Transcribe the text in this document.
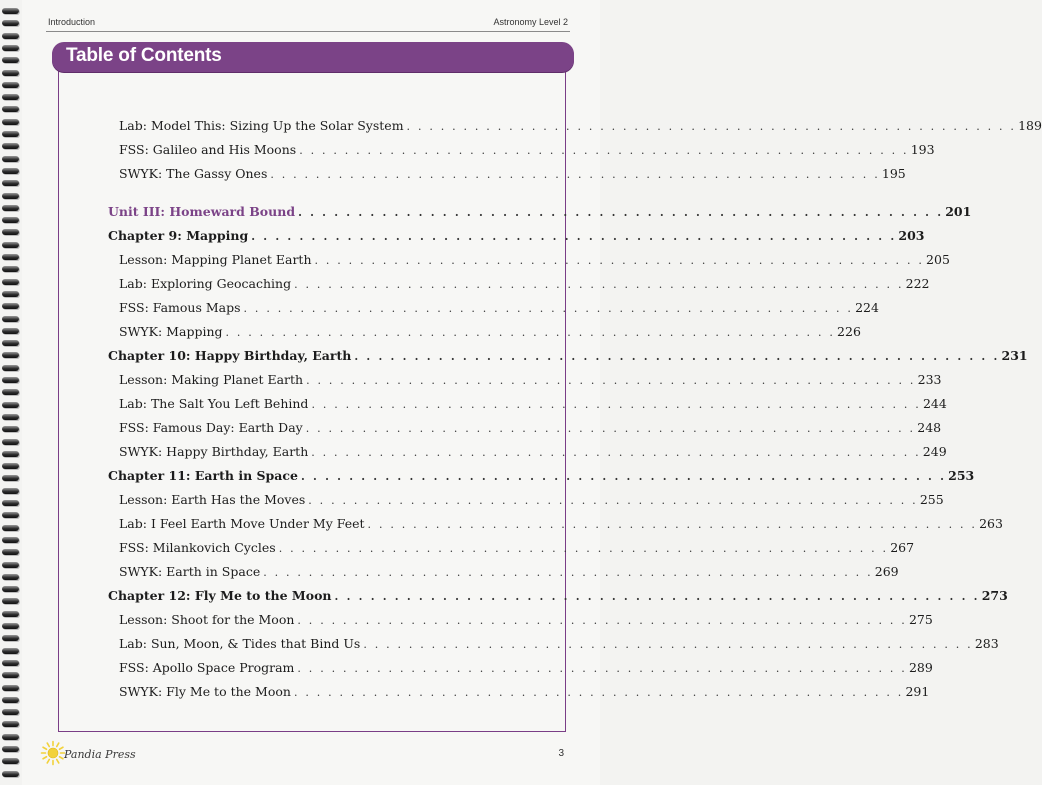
Introduction	Astronomy Level 2
Table of Contents
Lab: Model This: Sizing Up the Solar System . . . . . . . . . . . . . . . . . . . . . . . . . . . . . . . . . . . . . . . . . . . . . . . . . . . . . . 189
FSS: Galileo and His Moons . . . . . . . . . . . . . . . . . . . . . . . . . . . . . . . . . . . . . . . . . . . . . . . . . . . . . . 193
SWYK: The Gassy Ones . . . . . . . . . . . . . . . . . . . . . . . . . . . . . . . . . . . . . . . . . . . . . . . . . . . . . . 195
Unit III: Homeward Bound . . . . . . . . . . . . . . . . . . . . . . . . . . . . . . . . . . . . . . . . . . . . . . . . . . . . . . 201
Chapter 9: Mapping . . . . . . . . . . . . . . . . . . . . . . . . . . . . . . . . . . . . . . . . . . . . . . . . . . . . . . 203
Lesson: Mapping Planet Earth . . . . . . . . . . . . . . . . . . . . . . . . . . . . . . . . . . . . . . . . . . . . . . . . . . . . . . 205
Lab: Exploring Geocaching . . . . . . . . . . . . . . . . . . . . . . . . . . . . . . . . . . . . . . . . . . . . . . . . . . . . . . 222
FSS: Famous Maps . . . . . . . . . . . . . . . . . . . . . . . . . . . . . . . . . . . . . . . . . . . . . . . . . . . . . . 224
SWYK: Mapping . . . . . . . . . . . . . . . . . . . . . . . . . . . . . . . . . . . . . . . . . . . . . . . . . . . . . . 226
Chapter 10: Happy Birthday, Earth . . . . . . . . . . . . . . . . . . . . . . . . . . . . . . . . . . . . . . . . . . . . . . . . . . . . . . 231
Lesson: Making Planet Earth . . . . . . . . . . . . . . . . . . . . . . . . . . . . . . . . . . . . . . . . . . . . . . . . . . . . . . 233
Lab: The Salt You Left Behind . . . . . . . . . . . . . . . . . . . . . . . . . . . . . . . . . . . . . . . . . . . . . . . . . . . . . . 244
FSS: Famous Day: Earth Day . . . . . . . . . . . . . . . . . . . . . . . . . . . . . . . . . . . . . . . . . . . . . . . . . . . . . . 248
SWYK: Happy Birthday, Earth . . . . . . . . . . . . . . . . . . . . . . . . . . . . . . . . . . . . . . . . . . . . . . . . . . . . . . 249
Chapter 11: Earth in Space . . . . . . . . . . . . . . . . . . . . . . . . . . . . . . . . . . . . . . . . . . . . . . . . . . . . . . 253
Lesson: Earth Has the Moves . . . . . . . . . . . . . . . . . . . . . . . . . . . . . . . . . . . . . . . . . . . . . . . . . . . . . . 255
Lab: I Feel Earth Move Under My Feet . . . . . . . . . . . . . . . . . . . . . . . . . . . . . . . . . . . . . . . . . . . . . . . . . . . . . . 263
FSS: Milankovich Cycles . . . . . . . . . . . . . . . . . . . . . . . . . . . . . . . . . . . . . . . . . . . . . . . . . . . . . . 267
SWYK: Earth in Space . . . . . . . . . . . . . . . . . . . . . . . . . . . . . . . . . . . . . . . . . . . . . . . . . . . . . . 269
Chapter 12: Fly Me to the Moon . . . . . . . . . . . . . . . . . . . . . . . . . . . . . . . . . . . . . . . . . . . . . . . . . . . . . . 273
Lesson: Shoot for the Moon . . . . . . . . . . . . . . . . . . . . . . . . . . . . . . . . . . . . . . . . . . . . . . . . . . . . . . 275
Lab: Sun, Moon, & Tides that Bind Us . . . . . . . . . . . . . . . . . . . . . . . . . . . . . . . . . . . . . . . . . . . . . . . . . . . . . . 283
FSS: Apollo Space Program . . . . . . . . . . . . . . . . . . . . . . . . . . . . . . . . . . . . . . . . . . . . . . . . . . . . . . 289
SWYK: Fly Me to the Moon . . . . . . . . . . . . . . . . . . . . . . . . . . . . . . . . . . . . . . . . . . . . . . . . . . . . . . 291
Pandia Press	3
